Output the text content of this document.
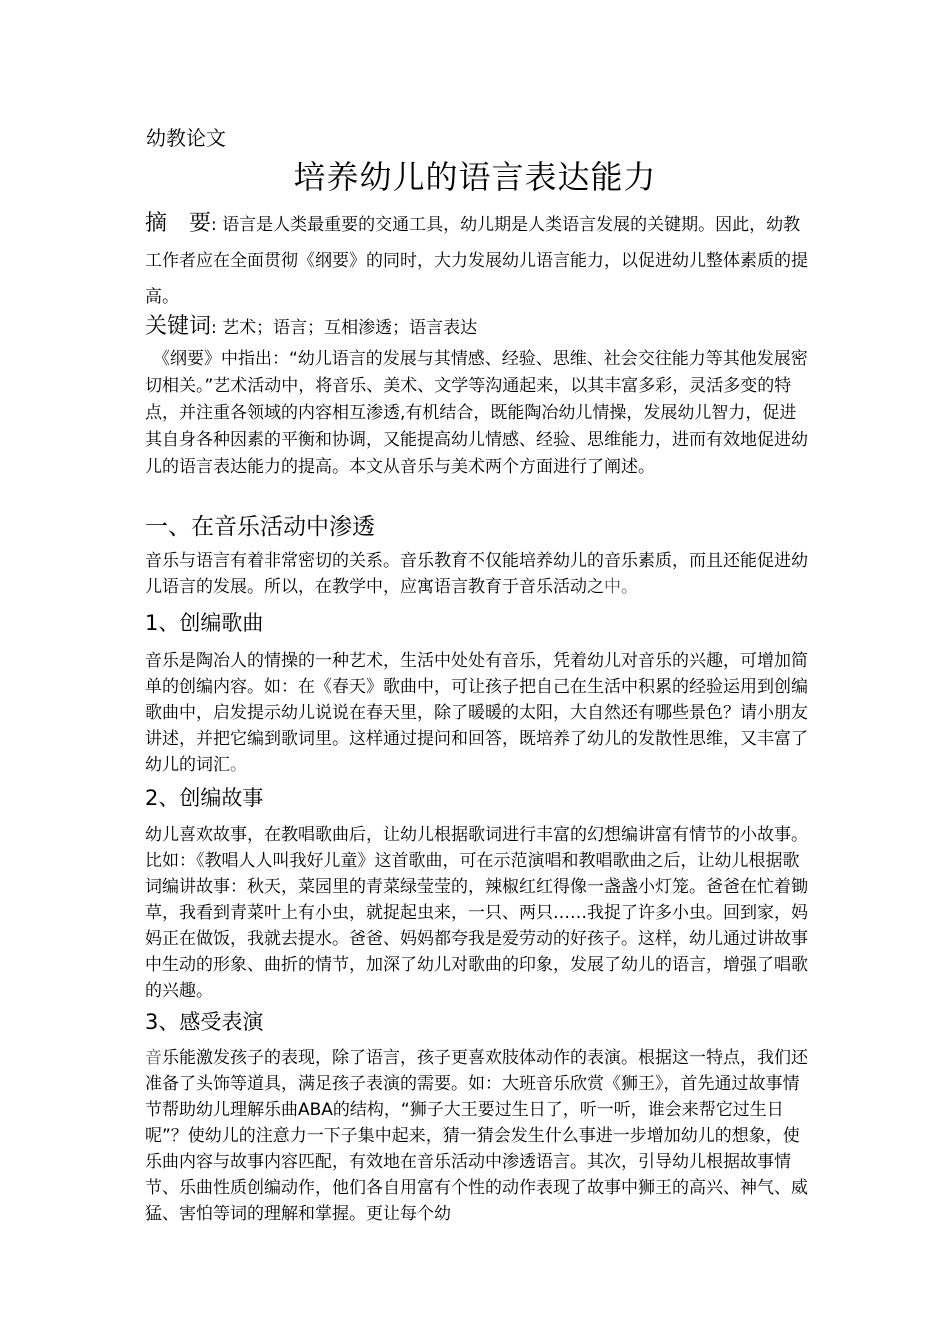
幼教论文
培养幼儿的语言表达能力
摘　要: 语言是人类最重要的交通工具，幼儿期是人类语言发展的关键期。因此，幼教工作者应在全面贯彻《纲要》的同时，大力发展幼儿语言能力，以促进幼儿整体素质的提高。
关键词: 艺术；语言；互相渗透；语言表达
《纲要》中指出：“幼儿语言的发展与其情感、经验、思维、社会交往能力等其他发展密切相关。”艺术活动中，将音乐、美术、文学等沟通起来，以其丰富多彩，灵活多变的特点，并注重各领域的内容相互渗透,有机结合，既能陶冶幼儿情操，发展幼儿智力，促进其自身各种因素的平衡和协调，又能提高幼儿情感、经验、思维能力，进而有效地促进幼儿的语言表达能力的提高。本文从音乐与美术两个方面进行了阐述。
一、在音乐活动中渗透
音乐与语言有着非常密切的关系。音乐教育不仅能培养幼儿的音乐素质，而且还能促进幼儿语言的发展。所以，在教学中，应寓语言教育于音乐活动之中。
1、创编歌曲
音乐是陶冶人的情操的一种艺术，生活中处处有音乐，凭着幼儿对音乐的兴趣，可增加简单的创编内容。如：在《春天》歌曲中，可让孩子把自己在生活中积累的经验运用到创编歌曲中，启发提示幼儿说说在春天里，除了暖暖的太阳，大自然还有哪些景色？请小朋友讲述，并把它编到歌词里。这样通过提问和回答，既培养了幼儿的发散性思维，又丰富了幼儿的词汇。
2、创编故事
幼儿喜欢故事，在教唱歌曲后，让幼儿根据歌词进行丰富的幻想编讲富有情节的小故事。比如：《教唱人人叫我好儿童》这首歌曲，可在示范演唱和教唱歌曲之后，让幼儿根据歌词编讲故事：秋天，菜园里的青菜绿莹莹的，辣椒红红得像一盏盏小灯笼。爸爸在忙着锄草，我看到青菜叶上有小虫，就捉起虫来，一只、两只……我捉了许多小虫。回到家，妈妈正在做饭，我就去提水。爸爸、妈妈都夸我是爱劳动的好孩子。这样，幼儿通过讲故事中生动的形象、曲折的情节，加深了幼儿对歌曲的印象，发展了幼儿的语言，增强了唱歌的兴趣。
3、感受表演
音乐能激发孩子的表现，除了语言，孩子更喜欢肢体动作的表演。根据这一特点，我们还准备了头饰等道具，满足孩子表演的需要。如：大班音乐欣赏《狮王》，首先通过故事情节帮助幼儿理解乐曲ABA的结构，“狮子大王要过生日了，听一听，谁会来帮它过生日呢”？使幼儿的注意力一下子集中起来，猜一猜会发生什么事进一步增加幼儿的想象，使乐曲内容与故事内容匹配，有效地在音乐活动中渗透语言。其次，引导幼儿根据故事情节、乐曲性质创编动作，他们各自用富有个性的动作表现了故事中狮王的高兴、神气、威猛、害怕等词的理解和掌握。更让每个幼
